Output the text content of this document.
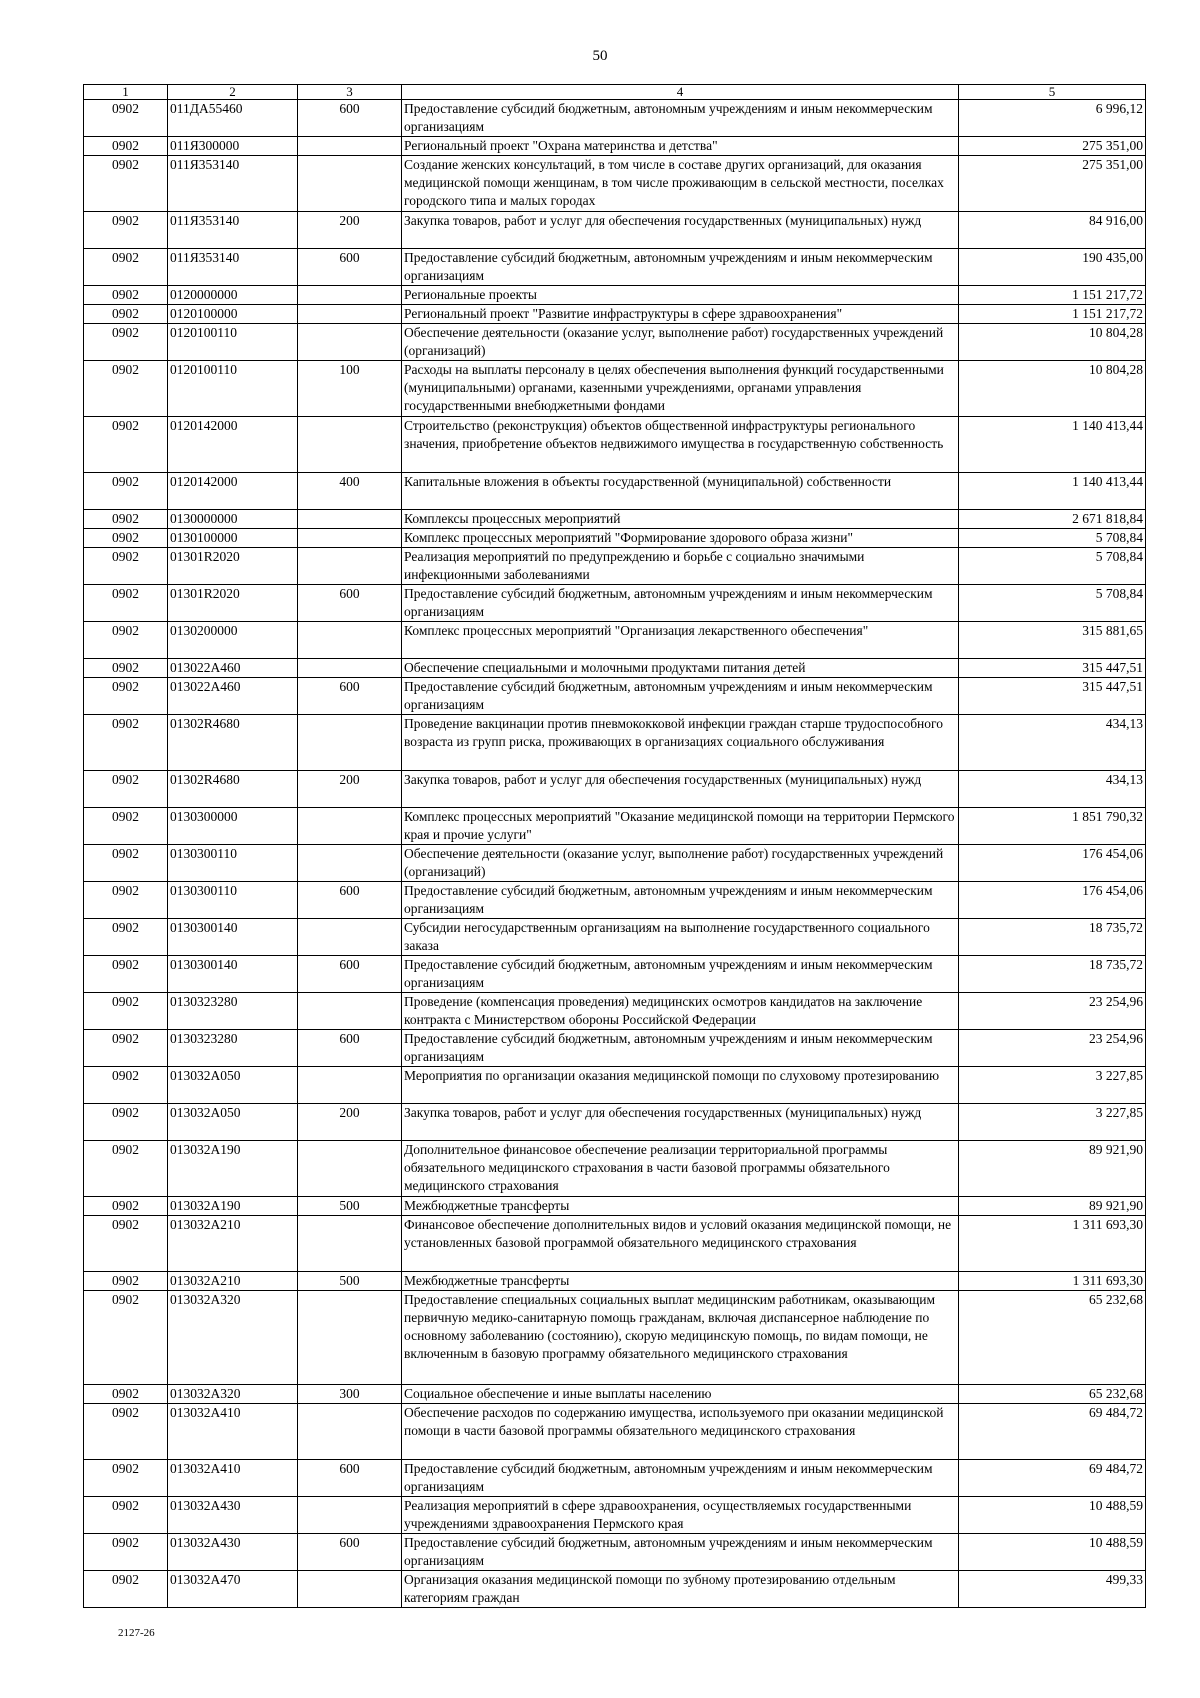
50
1	2	3	4	5
0902	011ДА55460	600	Предоставление субсидий бюджетным, автономным учреждениям и иным некоммерческим организациям	6 996,12
0902	011Я300000		Региональный проект "Охрана материнства и детства"	275 351,00
0902	011Я353140		Создание женских консультаций, в том числе в составе других организаций, для оказания медицинской помощи женщинам, в том числе проживающим в сельской местности, поселках городского типа и малых городах	275 351,00
0902	011Я353140	200	Закупка товаров, работ и услуг для обеспечения государственных (муниципальных) нужд	84 916,00
0902	011Я353140	600	Предоставление субсидий бюджетным, автономным учреждениям и иным некоммерческим организациям	190 435,00
0902	0120000000		Региональные проекты	1 151 217,72
0902	0120100000		Региональный проект "Развитие инфраструктуры в сфере здравоохранения"	1 151 217,72
0902	0120100110		Обеспечение деятельности (оказание услуг, выполнение работ) государственных учреждений (организаций)	10 804,28
0902	0120100110	100	Расходы на выплаты персоналу в целях обеспечения выполнения функций государственными (муниципальными) органами, казенными учреждениями, органами управления государственными внебюджетными фондами	10 804,28
0902	0120142000		Строительство (реконструкция) объектов общественной инфраструктуры регионального значения, приобретение объектов недвижимого имущества в государственную собственность	1 140 413,44
0902	0120142000	400	Капитальные вложения в объекты государственной (муниципальной) собственности	1 140 413,44
0902	0130000000		Комплексы процессных мероприятий	2 671 818,84
0902	0130100000		Комплекс процессных мероприятий "Формирование здорового образа жизни"	5 708,84
0902	01301R2020		Реализация мероприятий по предупреждению и борьбе с социально значимыми инфекционными заболеваниями	5 708,84
0902	01301R2020	600	Предоставление субсидий бюджетным, автономным учреждениям и иным некоммерческим организациям	5 708,84
0902	0130200000		Комплекс процессных мероприятий "Организация лекарственного обеспечения"	315 881,65
0902	013022A460		Обеспечение специальными и молочными продуктами питания детей	315 447,51
0902	013022A460	600	Предоставление субсидий бюджетным, автономным учреждениям и иным некоммерческим организациям	315 447,51
0902	01302R4680		Проведение вакцинации против пневмококковой инфекции граждан старше трудоспособного возраста из групп риска, проживающих в организациях социального обслуживания	434,13
0902	01302R4680	200	Закупка товаров, работ и услуг для обеспечения государственных (муниципальных) нужд	434,13
0902	0130300000		Комплекс процессных мероприятий "Оказание медицинской помощи на территории Пермского края и прочие услуги"	1 851 790,32
0902	0130300110		Обеспечение деятельности (оказание услуг, выполнение работ) государственных учреждений (организаций)	176 454,06
0902	0130300110	600	Предоставление субсидий бюджетным, автономным учреждениям и иным некоммерческим организациям	176 454,06
0902	0130300140		Субсидии негосударственным организациям на выполнение государственного социального заказа	18 735,72
0902	0130300140	600	Предоставление субсидий бюджетным, автономным учреждениям и иным некоммерческим организациям	18 735,72
0902	0130323280		Проведение (компенсация проведения) медицинских осмотров кандидатов на заключение контракта с Министерством обороны Российской Федерации	23 254,96
0902	0130323280	600	Предоставление субсидий бюджетным, автономным учреждениям и иным некоммерческим организациям	23 254,96
0902	013032A050		Мероприятия по организации оказания медицинской помощи по слуховому протезированию	3 227,85
0902	013032A050	200	Закупка товаров, работ и услуг для обеспечения государственных (муниципальных) нужд	3 227,85
0902	013032A190		Дополнительное финансовое обеспечение реализации территориальной программы обязательного медицинского страхования в части базовой программы обязательного медицинского страхования	89 921,90
0902	013032A190	500	Межбюджетные трансферты	89 921,90
0902	013032A210		Финансовое обеспечение дополнительных видов и условий оказания медицинской помощи, не установленных базовой программой обязательного медицинского страхования	1 311 693,30
0902	013032A210	500	Межбюджетные трансферты	1 311 693,30
0902	013032A320		Предоставление специальных социальных выплат медицинским работникам, оказывающим первичную медико-санитарную помощь гражданам, включая диспансерное наблюдение по основному заболеванию (состоянию), скорую медицинскую помощь, по видам помощи, не включенным в базовую программу обязательного медицинского страхования	65 232,68
0902	013032A320	300	Социальное обеспечение и иные выплаты населению	65 232,68
0902	013032A410		Обеспечение расходов по содержанию имущества, используемого при оказании медицинской помощи в части базовой программы обязательного медицинского страхования	69 484,72
0902	013032A410	600	Предоставление субсидий бюджетным, автономным учреждениям и иным некоммерческим организациям	69 484,72
0902	013032A430		Реализация мероприятий в сфере здравоохранения, осуществляемых государственными учреждениями здравоохранения Пермского края	10 488,59
0902	013032A430	600	Предоставление субсидий бюджетным, автономным учреждениям и иным некоммерческим организациям	10 488,59
0902	013032A470		Организация оказания медицинской помощи по зубному протезированию отдельным категориям граждан	499,33
2127-26
